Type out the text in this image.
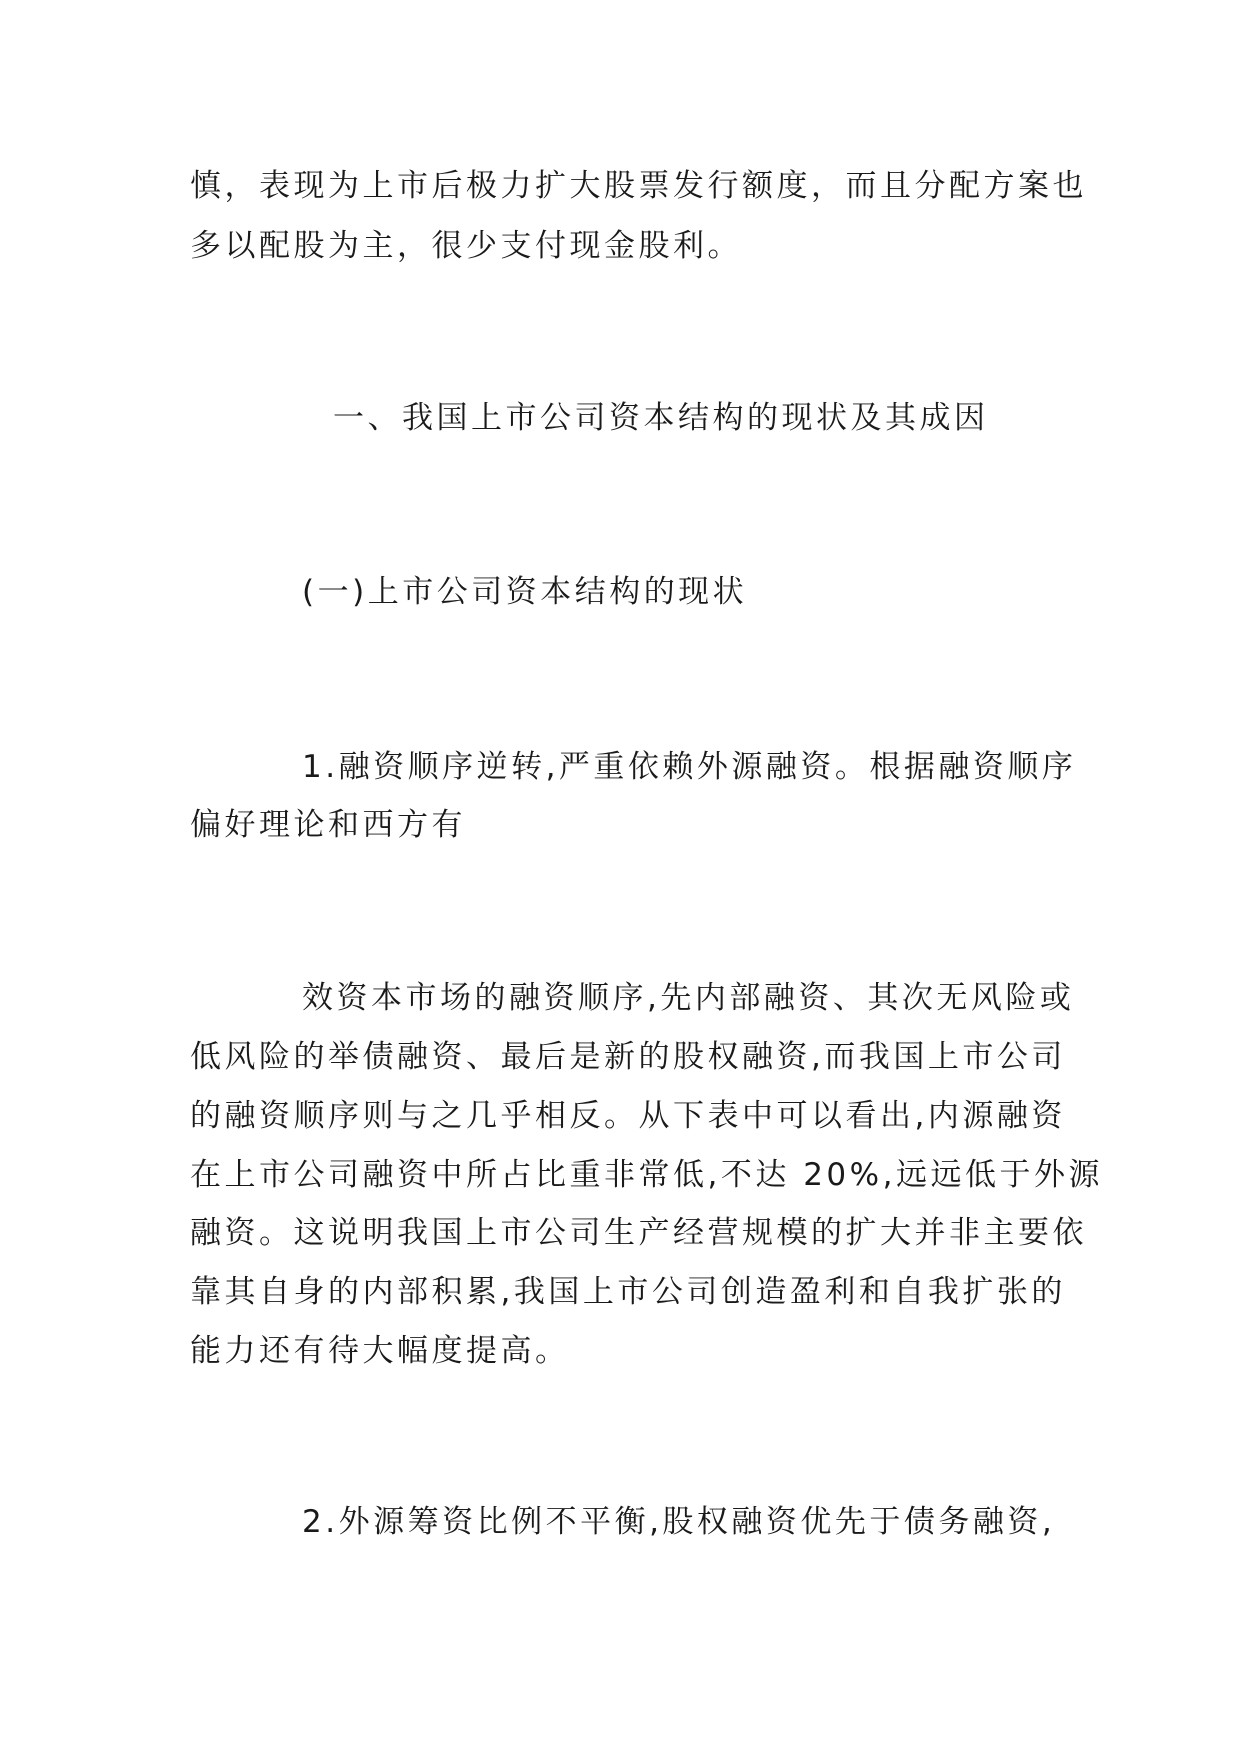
慎，表现为上市后极力扩大股票发行额度，而且分配方案也

多以配股为主，很少支付现金股利。

一、我国上市公司资本结构的现状及其成因

(一)上市公司资本结构的现状

1.融资顺序逆转,严重依赖外源融资。根据融资顺序

偏好理论和西方有

效资本市场的融资顺序,先内部融资、其次无风险或

低风险的举债融资、最后是新的股权融资,而我国上市公司

的融资顺序则与之几乎相反。从下表中可以看出,内源融资

在上市公司融资中所占比重非常低,不达 20%,远远低于外源

融资。这说明我国上市公司生产经营规模的扩大并非主要依

靠其自身的内部积累,我国上市公司创造盈利和自我扩张的

能力还有待大幅度提高。

2.外源筹资比例不平衡,股权融资优先于债务融资,
